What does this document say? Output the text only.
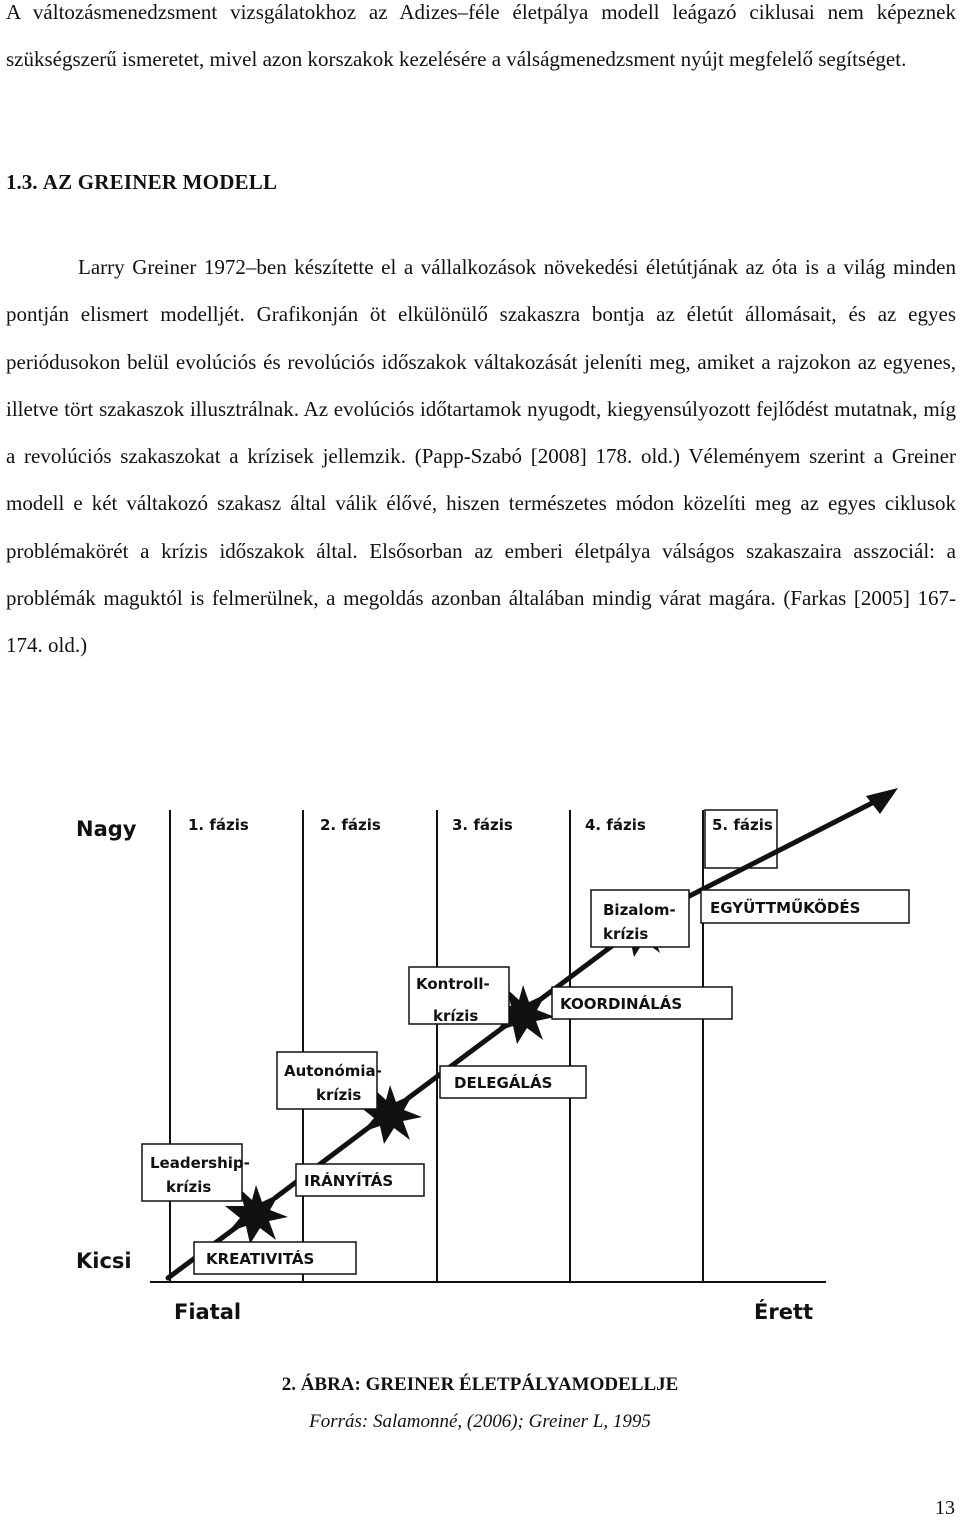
A változásmenedzsment vizsgálatokhoz az Adizes–féle életpálya modell leágazó ciklusai nem képeznek szükségszerű ismeretet, mivel azon korszakok kezelésére a válságmenedzsment nyújt megfelelő segítséget.

1.3. AZ GREINER MODELL

Larry Greiner 1972–ben készítette el a vállalkozások növekedési életútjának az óta is a világ minden pontján elismert modelljét. Grafikonján öt elkülönülő szakaszra bontja az életút állomásait, és az egyes periódusokon belül evolúciós és revolúciós időszakok váltakozását jeleníti meg, amiket a rajzokon az egyenes, illetve tört szakaszok illusztrálnak. Az evolúciós időtartamok nyugodt, kiegyensúlyozott fejlődést mutatnak, míg a revolúciós szakaszokat a krízisek jellemzik. (Papp-Szabó [2008] 178. old.) Véleményem szerint a Greiner modell e két váltakozó szakasz által válik élővé, hiszen természetes módon közelíti meg az egyes ciklusok problémakörét a krízis időszakok által. Elsősorban az emberi életpálya válságos szakaszaira asszociál: a problémák maguktól is felmerülnek, a megoldás azonban általában mindig várat magára. (Farkas [2005] 167-174. old.)

Nagy
Kicsi
Fiatal	Érett
1. fázis	2. fázis	3. fázis	4. fázis	5. fázis
Leadership-
krízis
Autonómia-
krízis
Kontroll-
krízis
Bizalom-
krízis
KREATIVITÁS
IRÁNYÍTÁS
DELEGÁLÁS
KOORDINÁLÁS
EGYÜTTMŰKÖDÉS

2. ÁBRA: GREINER ÉLETPÁLYAMODELLJE

Forrás: Salamonné, (2006); Greiner L, 1995

13
